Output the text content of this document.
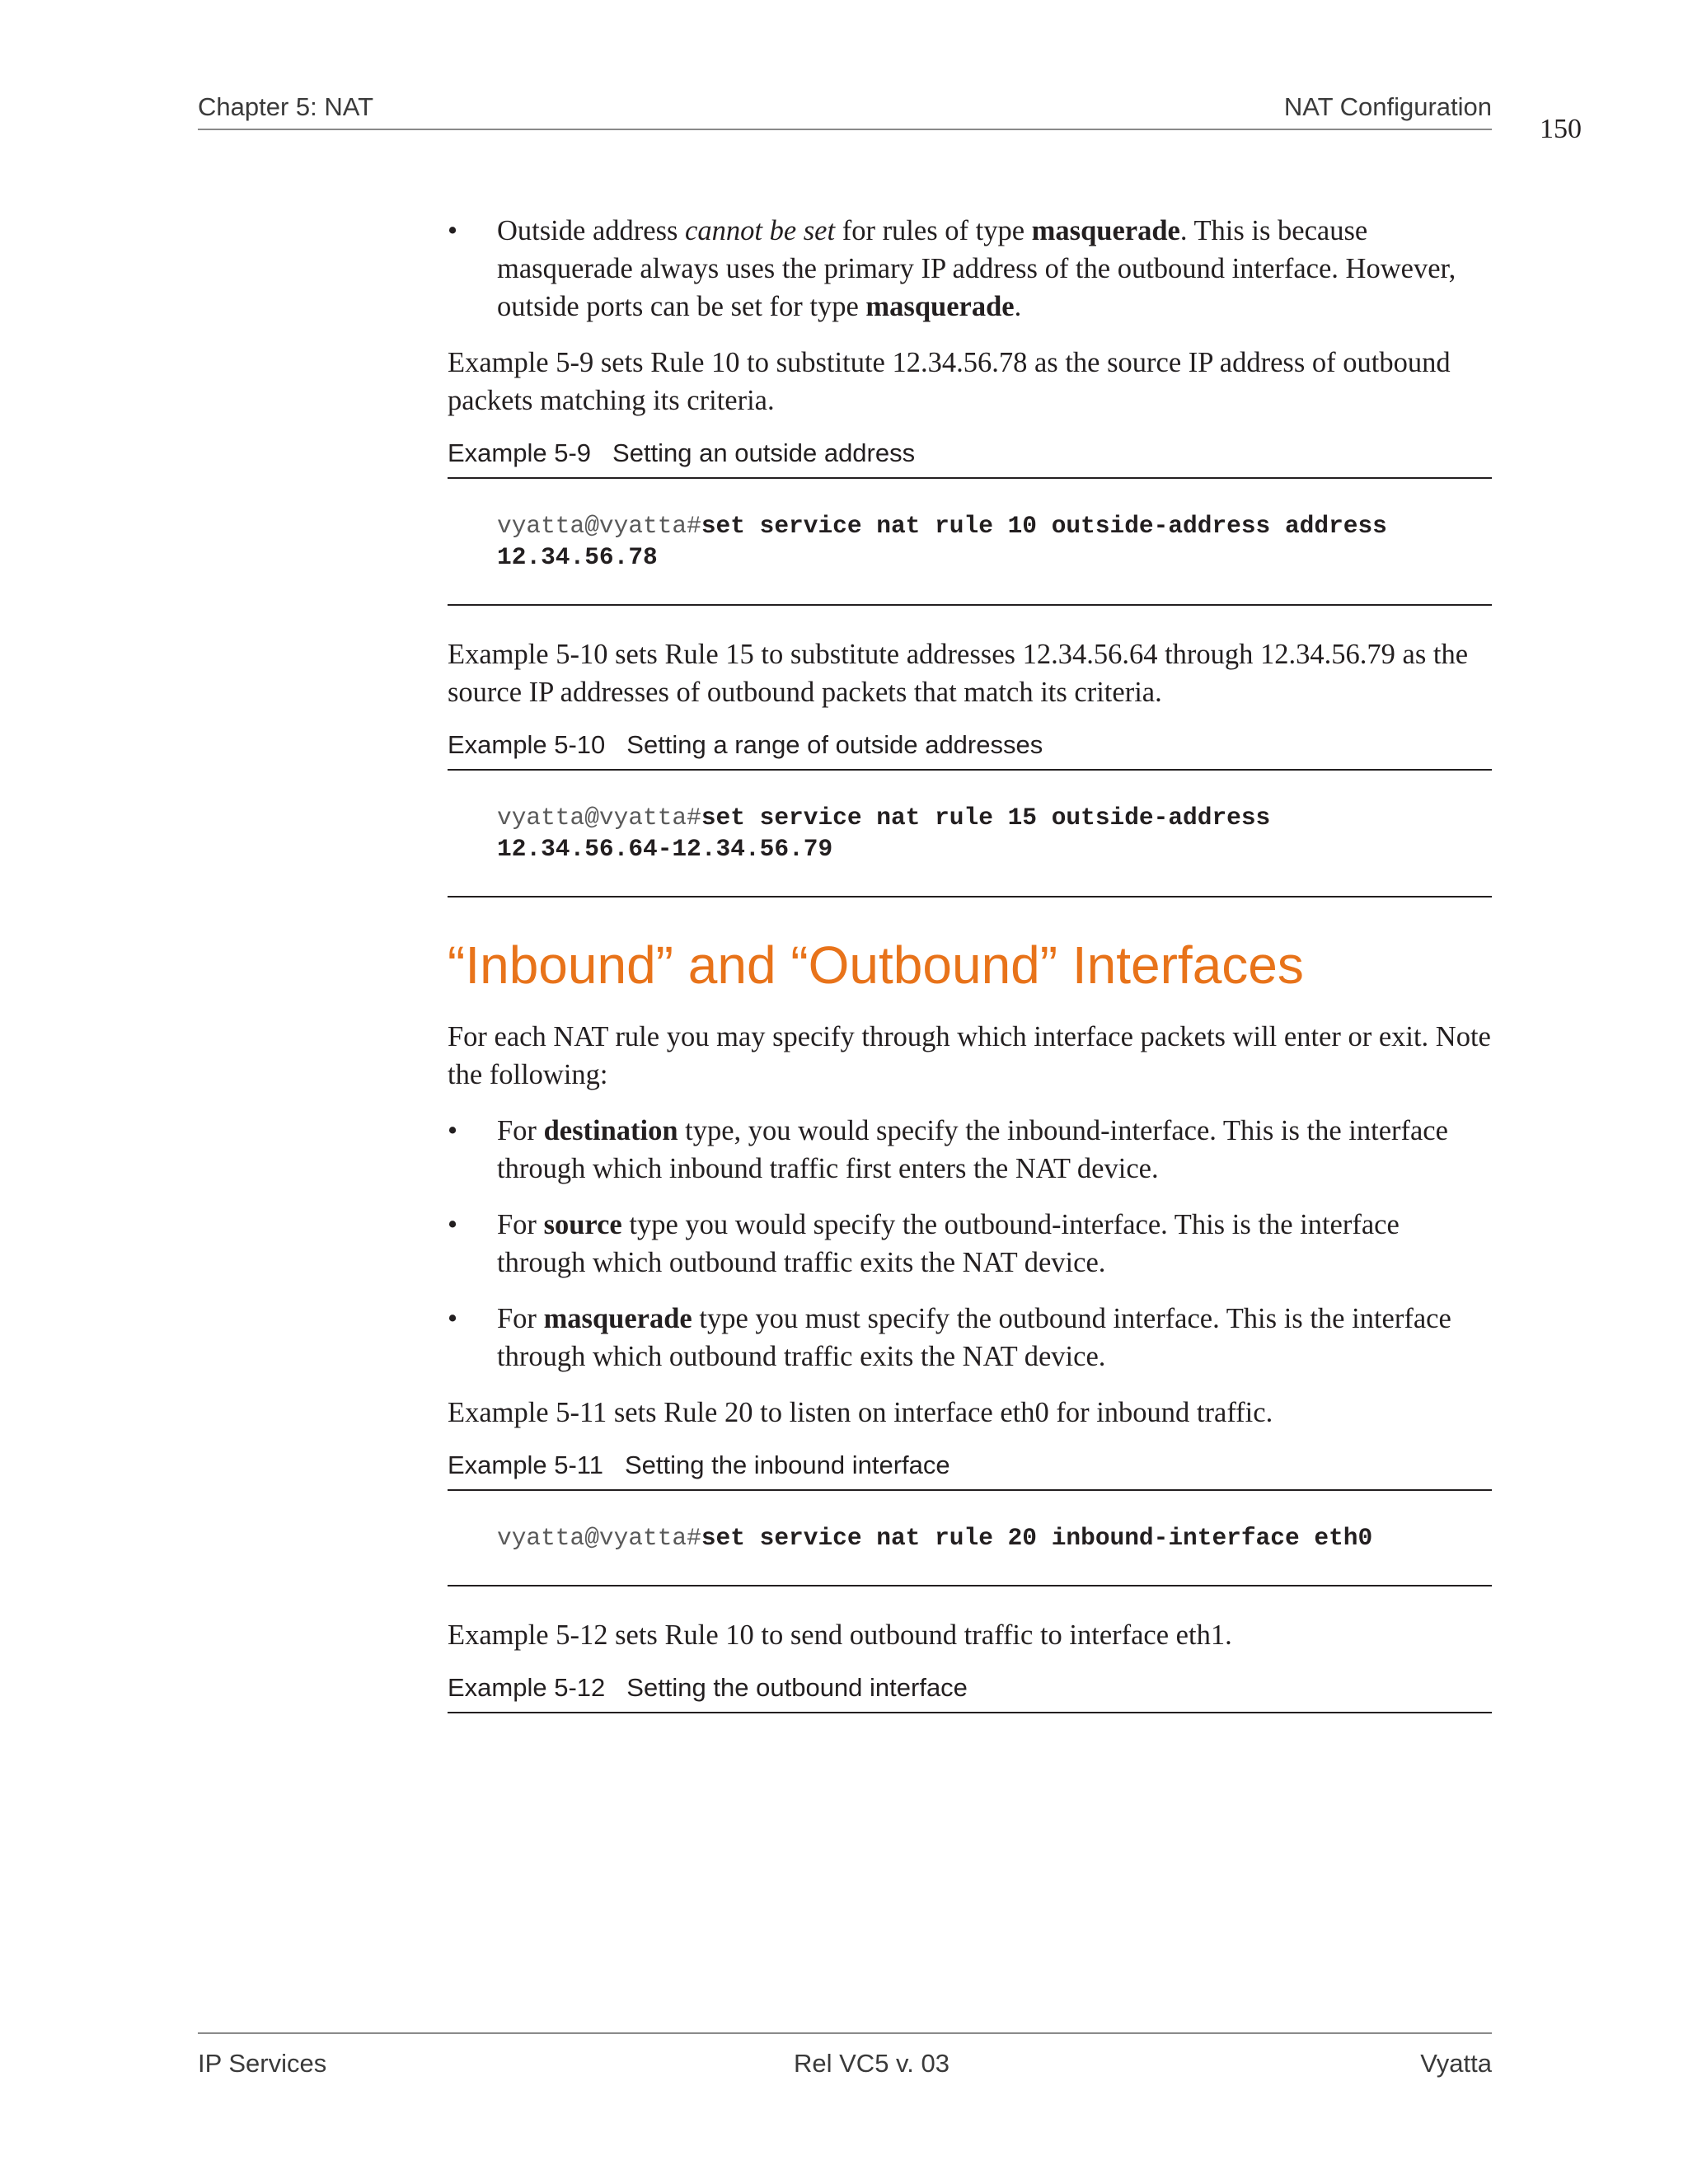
Chapter 5: NAT	NAT Configuration
150
• Outside address cannot be set for rules of type masquerade. This is because masquerade always uses the primary IP address of the outbound interface. However, outside ports can be set for type masquerade.

Example 5-9 sets Rule 10 to substitute 12.34.56.78 as the source IP address of outbound packets matching its criteria.

Example 5-9 Setting an outside address
vyatta@vyatta#set service nat rule 10 outside-address address
12.34.56.78

Example 5-10 sets Rule 15 to substitute addresses 12.34.56.64 through 12.34.56.79 as the source IP addresses of outbound packets that match its criteria.

Example 5-10 Setting a range of outside addresses
vyatta@vyatta#set service nat rule 15 outside-address
12.34.56.64-12.34.56.79
“Inbound” and “Outbound” Interfaces

For each NAT rule you may specify through which interface packets will enter or exit. Note the following:

• For destination type, you would specify the inbound-interface. This is the interface through which inbound traffic first enters the NAT device.
• For source type you would specify the outbound-interface. This is the interface through which outbound traffic exits the NAT device.
• For masquerade type you must specify the outbound interface. This is the interface through which outbound traffic exits the NAT device.

Example 5-11 sets Rule 20 to listen on interface eth0 for inbound traffic.

Example 5-11 Setting the inbound interface
vyatta@vyatta#set service nat rule 20 inbound-interface eth0

Example 5-12 sets Rule 10 to send outbound traffic to interface eth1.

Example 5-12 Setting the outbound interface
IP Services	Rel VC5 v. 03	Vyatta
